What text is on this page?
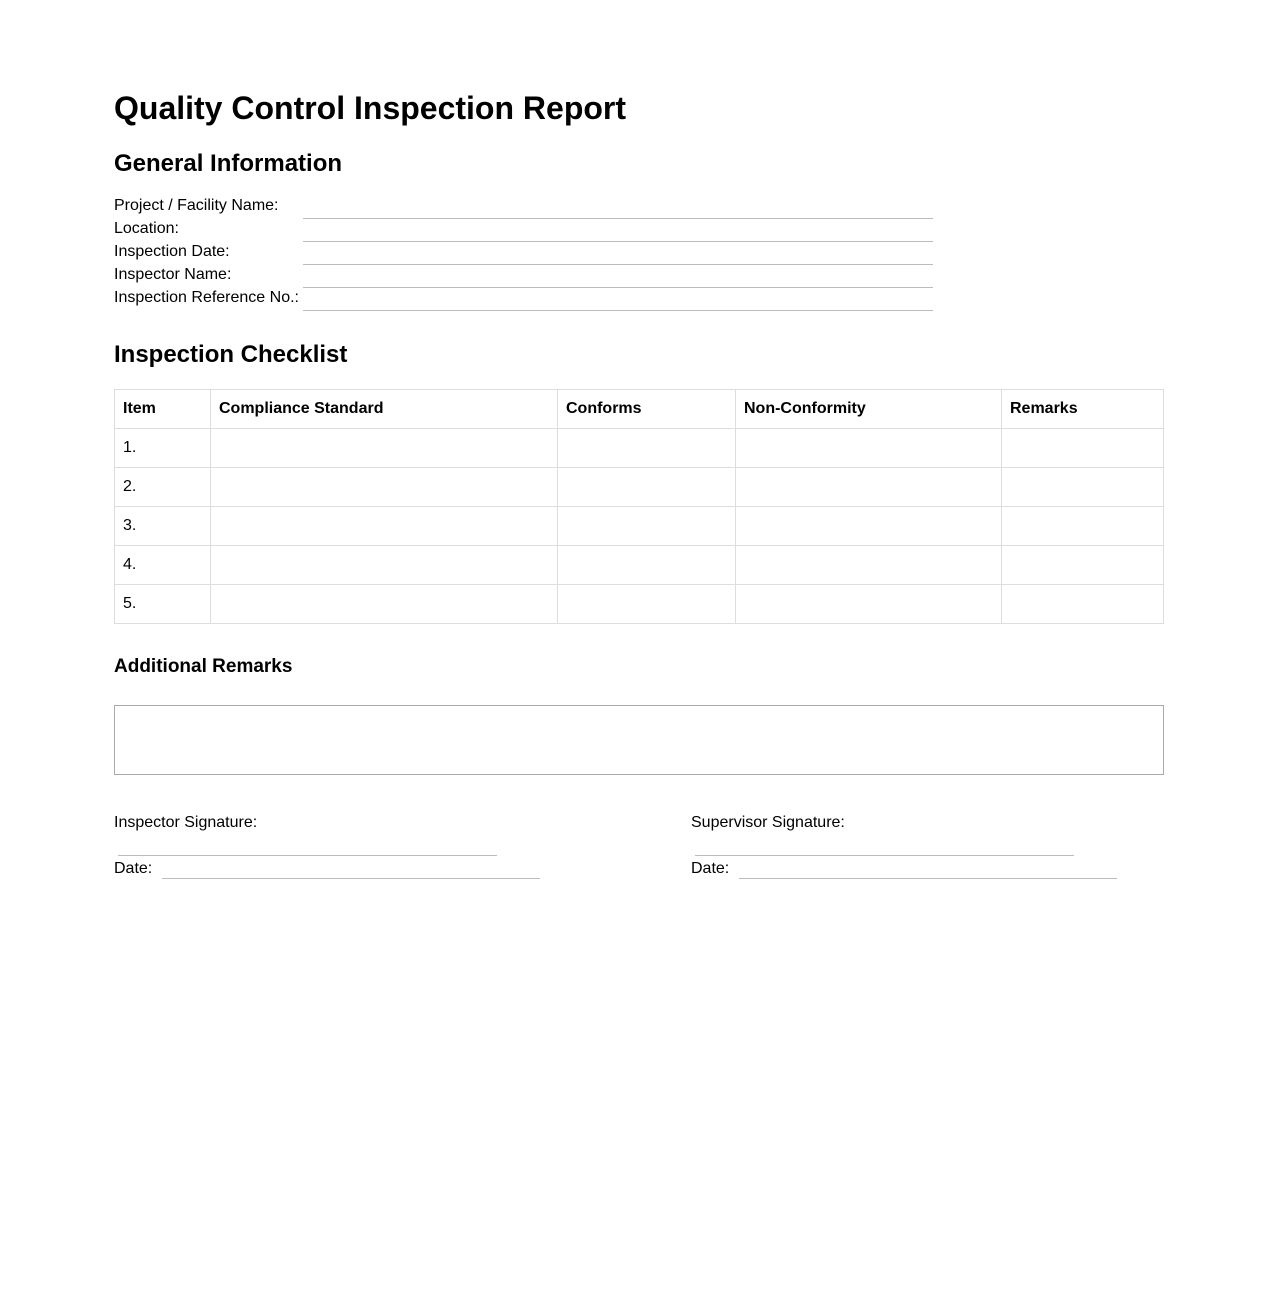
Quality Control Inspection Report
General Information
Project / Facility Name:
Location:
Inspection Date:
Inspector Name:
Inspection Reference No.:
Inspection Checklist
Item	Compliance Standard	Conforms	Non-Conformity	Remarks
1.				
2.				
3.				
4.				
5.				
Additional Remarks
Inspector Signature:
Date:
Supervisor Signature:
Date:
